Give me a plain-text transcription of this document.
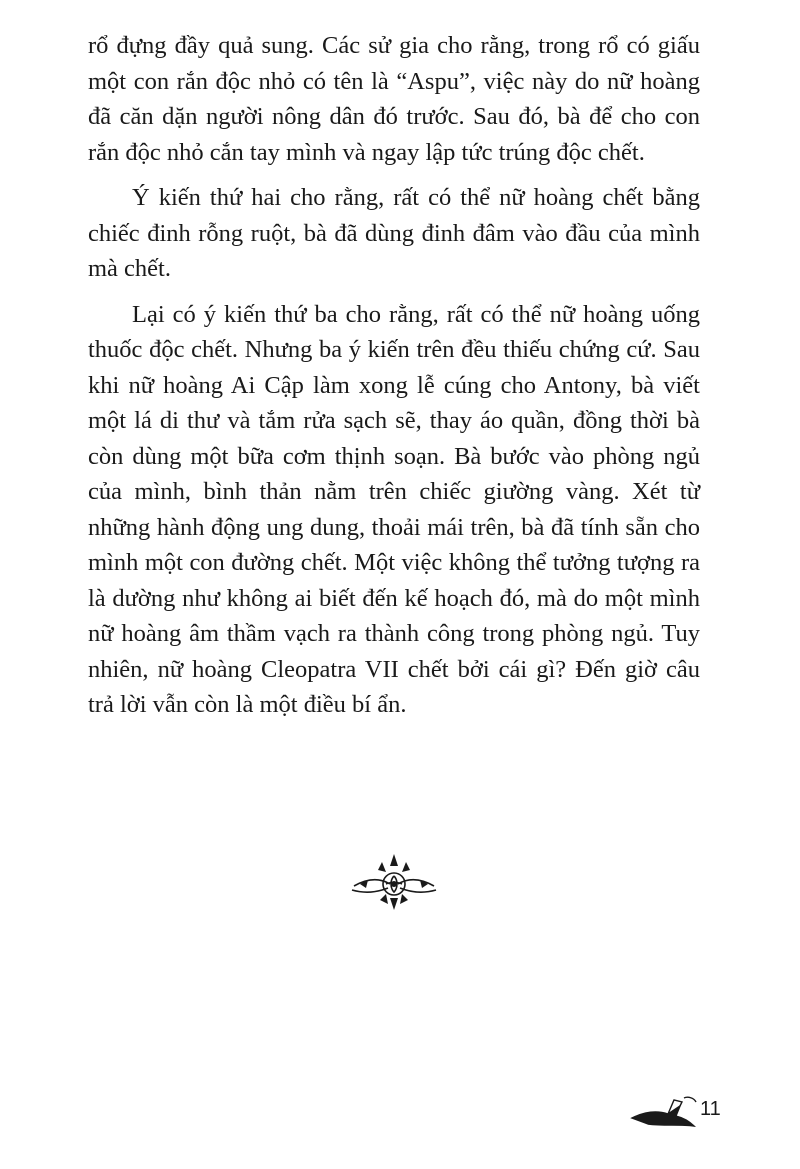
rổ đựng đầy quả sung. Các sử gia cho rằng, trong rổ có giấu một con rắn độc nhỏ có tên là “Aspu”, việc này do nữ hoàng đã căn dặn người nông dân đó trước. Sau đó, bà để cho con rắn độc nhỏ cắn tay mình và ngay lập tức trúng độc chết.

Ý kiến thứ hai cho rằng, rất có thể nữ hoàng chết bằng chiếc đinh rỗng ruột, bà đã dùng đinh đâm vào đầu của mình mà chết.

Lại có ý kiến thứ ba cho rằng, rất có thể nữ hoàng uống thuốc độc chết. Nhưng ba ý kiến trên đều thiếu chứng cứ. Sau khi nữ hoàng Ai Cập làm xong lễ cúng cho Antony, bà viết một lá di thư và tắm rửa sạch sẽ, thay áo quần, đồng thời bà còn dùng một bữa cơm thịnh soạn. Bà bước vào phòng ngủ của mình, bình thản nằm trên chiếc giường vàng. Xét từ những hành động ung dung, thoải mái trên, bà đã tính sẵn cho mình một con đường chết. Một việc không thể tưởng tượng ra là dường như không ai biết đến kế hoạch đó, mà do một mình nữ hoàng âm thầm vạch ra thành công trong phòng ngủ. Tuy nhiên, nữ hoàng Cleopatra VII chết bởi cái gì? Đến giờ câu trả lời vẫn còn là một điều bí ẩn.

11
